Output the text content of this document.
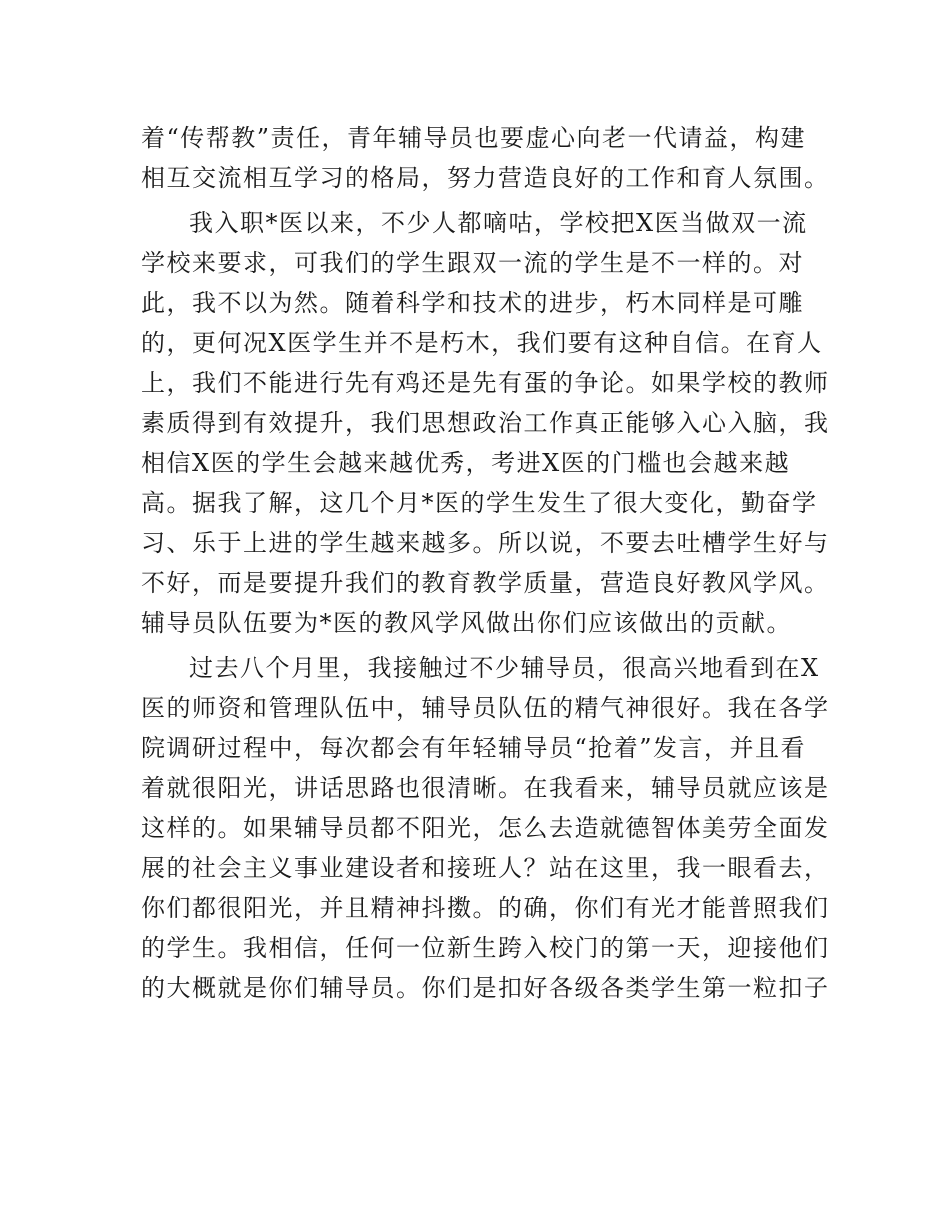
着“传帮教”责任，青年辅导员也要虚心向老一代请益，构建

相互交流相互学习的格局，努力营造良好的工作和育人氛围。

我入职*医以来，不少人都嘀咕，学校把X医当做双一流

学校来要求，可我们的学生跟双一流的学生是不一样的。对

此，我不以为然。随着科学和技术的进步，朽木同样是可雕

的，更何况X医学生并不是朽木，我们要有这种自信。在育人

上，我们不能进行先有鸡还是先有蛋的争论。如果学校的教师

素质得到有效提升，我们思想政治工作真正能够入心入脑，我

相信X医的学生会越来越优秀，考进X医的门槛也会越来越

高。据我了解，这几个月*医的学生发生了很大变化，勤奋学

习、乐于上进的学生越来越多。所以说，不要去吐槽学生好与

不好，而是要提升我们的教育教学质量，营造良好教风学风。

辅导员队伍要为*医的教风学风做出你们应该做出的贡献。

过去八个月里，我接触过不少辅导员，很高兴地看到在X

医的师资和管理队伍中，辅导员队伍的精气神很好。我在各学

院调研过程中，每次都会有年轻辅导员“抢着”发言，并且看

着就很阳光，讲话思路也很清晰。在我看来，辅导员就应该是

这样的。如果辅导员都不阳光，怎么去造就德智体美劳全面发

展的社会主义事业建设者和接班人？站在这里，我一眼看去，

你们都很阳光，并且精神抖擞。的确，你们有光才能普照我们

的学生。我相信，任何一位新生跨入校门的第一天，迎接他们

的大概就是你们辅导员。你们是扣好各级各类学生第一粒扣子
